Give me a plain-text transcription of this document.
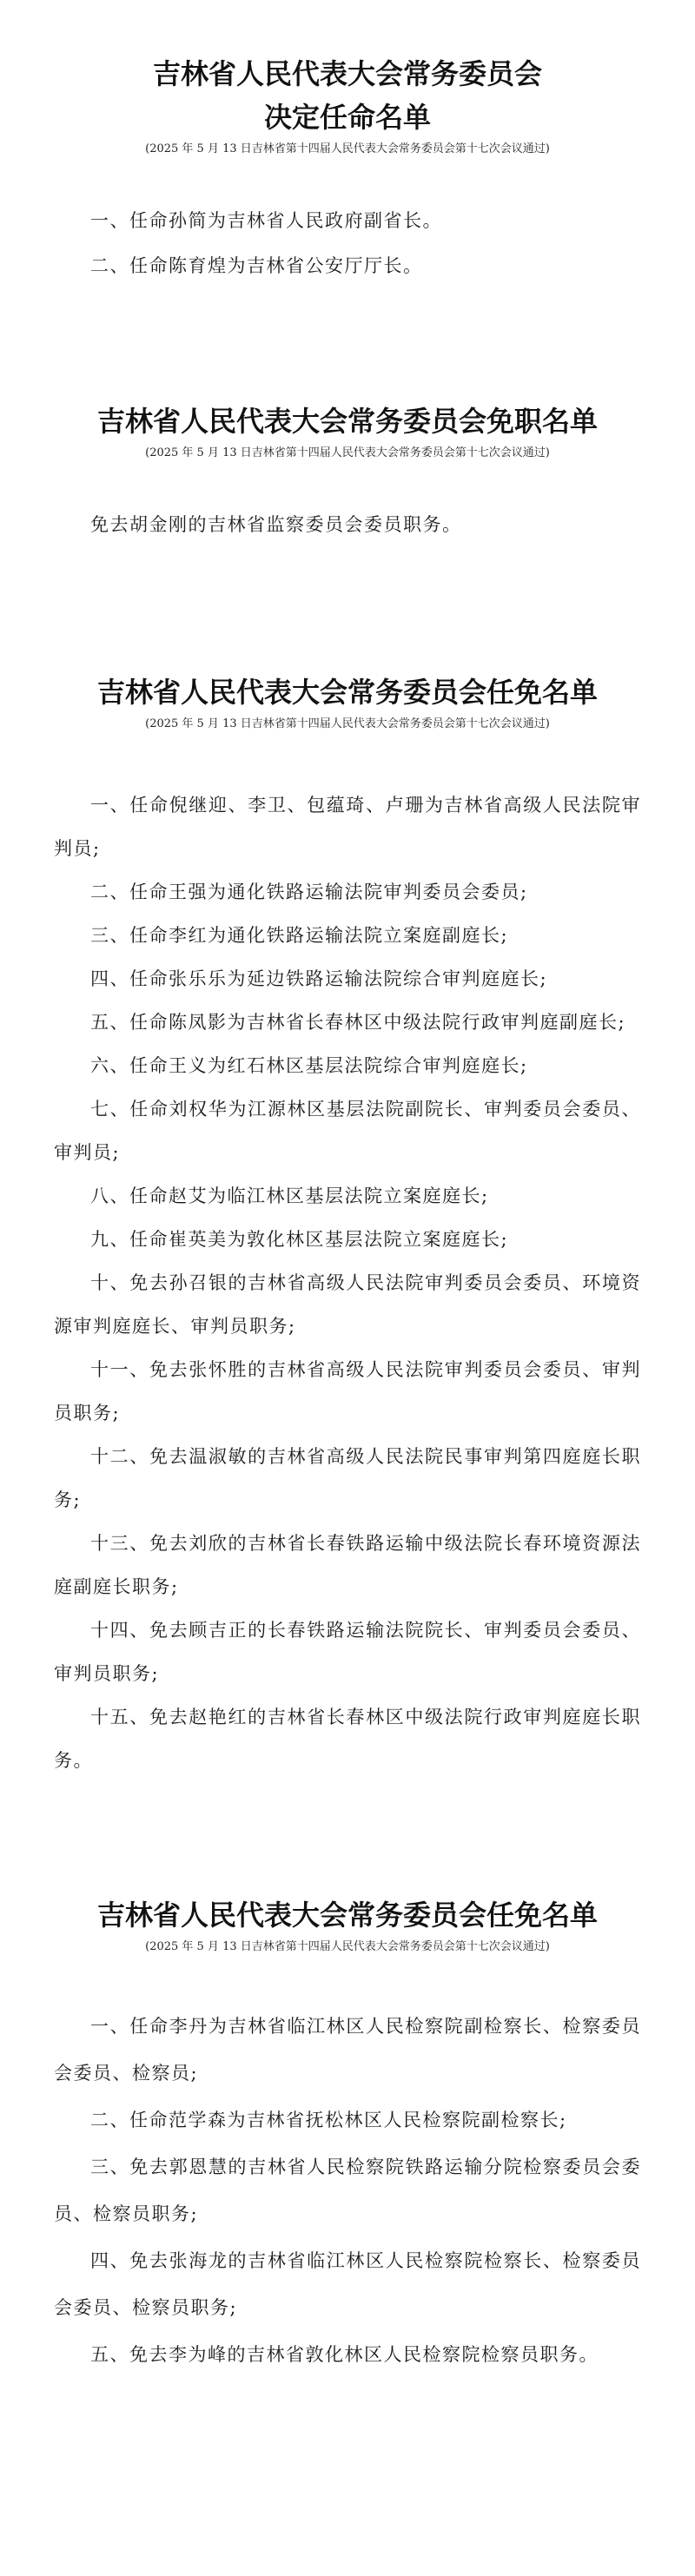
吉林省人民代表大会常务委员会
决定任命名单

(2025 年 5 月 13 日吉林省第十四届人民代表大会常务委员会第十七次会议通过)

一、任命孙简为吉林省人民政府副省长。

二、任命陈育煌为吉林省公安厅厅长。

吉林省人民代表大会常务委员会免职名单

(2025 年 5 月 13 日吉林省第十四届人民代表大会常务委员会第十七次会议通过)

免去胡金刚的吉林省监察委员会委员职务。

吉林省人民代表大会常务委员会任免名单

(2025 年 5 月 13 日吉林省第十四届人民代表大会常务委员会第十七次会议通过)

一、任命倪继迎、李卫、包蕴琦、卢珊为吉林省高级人民法院审判员;

二、任命王强为通化铁路运输法院审判委员会委员;

三、任命李红为通化铁路运输法院立案庭副庭长;

四、任命张乐乐为延边铁路运输法院综合审判庭庭长;

五、任命陈凤影为吉林省长春林区中级法院行政审判庭副庭长;

六、任命王义为红石林区基层法院综合审判庭庭长;

七、任命刘权华为江源林区基层法院副院长、审判委员会委员、审判员;

八、任命赵艾为临江林区基层法院立案庭庭长;

九、任命崔英美为敦化林区基层法院立案庭庭长;

十、免去孙召银的吉林省高级人民法院审判委员会委员、环境资源审判庭庭长、审判员职务;

十一、免去张怀胜的吉林省高级人民法院审判委员会委员、审判员职务;

十二、免去温淑敏的吉林省高级人民法院民事审判第四庭庭长职务;

十三、免去刘欣的吉林省长春铁路运输中级法院长春环境资源法庭副庭长职务;

十四、免去顾吉正的长春铁路运输法院院长、审判委员会委员、审判员职务;

十五、免去赵艳红的吉林省长春林区中级法院行政审判庭庭长职务。

吉林省人民代表大会常务委员会任免名单

(2025 年 5 月 13 日吉林省第十四届人民代表大会常务委员会第十七次会议通过)

一、任命李丹为吉林省临江林区人民检察院副检察长、检察委员会委员、检察员;

二、任命范学森为吉林省抚松林区人民检察院副检察长;

三、免去郭恩慧的吉林省人民检察院铁路运输分院检察委员会委员、检察员职务;

四、免去张海龙的吉林省临江林区人民检察院检察长、检察委员会委员、检察员职务;

五、免去李为峰的吉林省敦化林区人民检察院检察员职务。
